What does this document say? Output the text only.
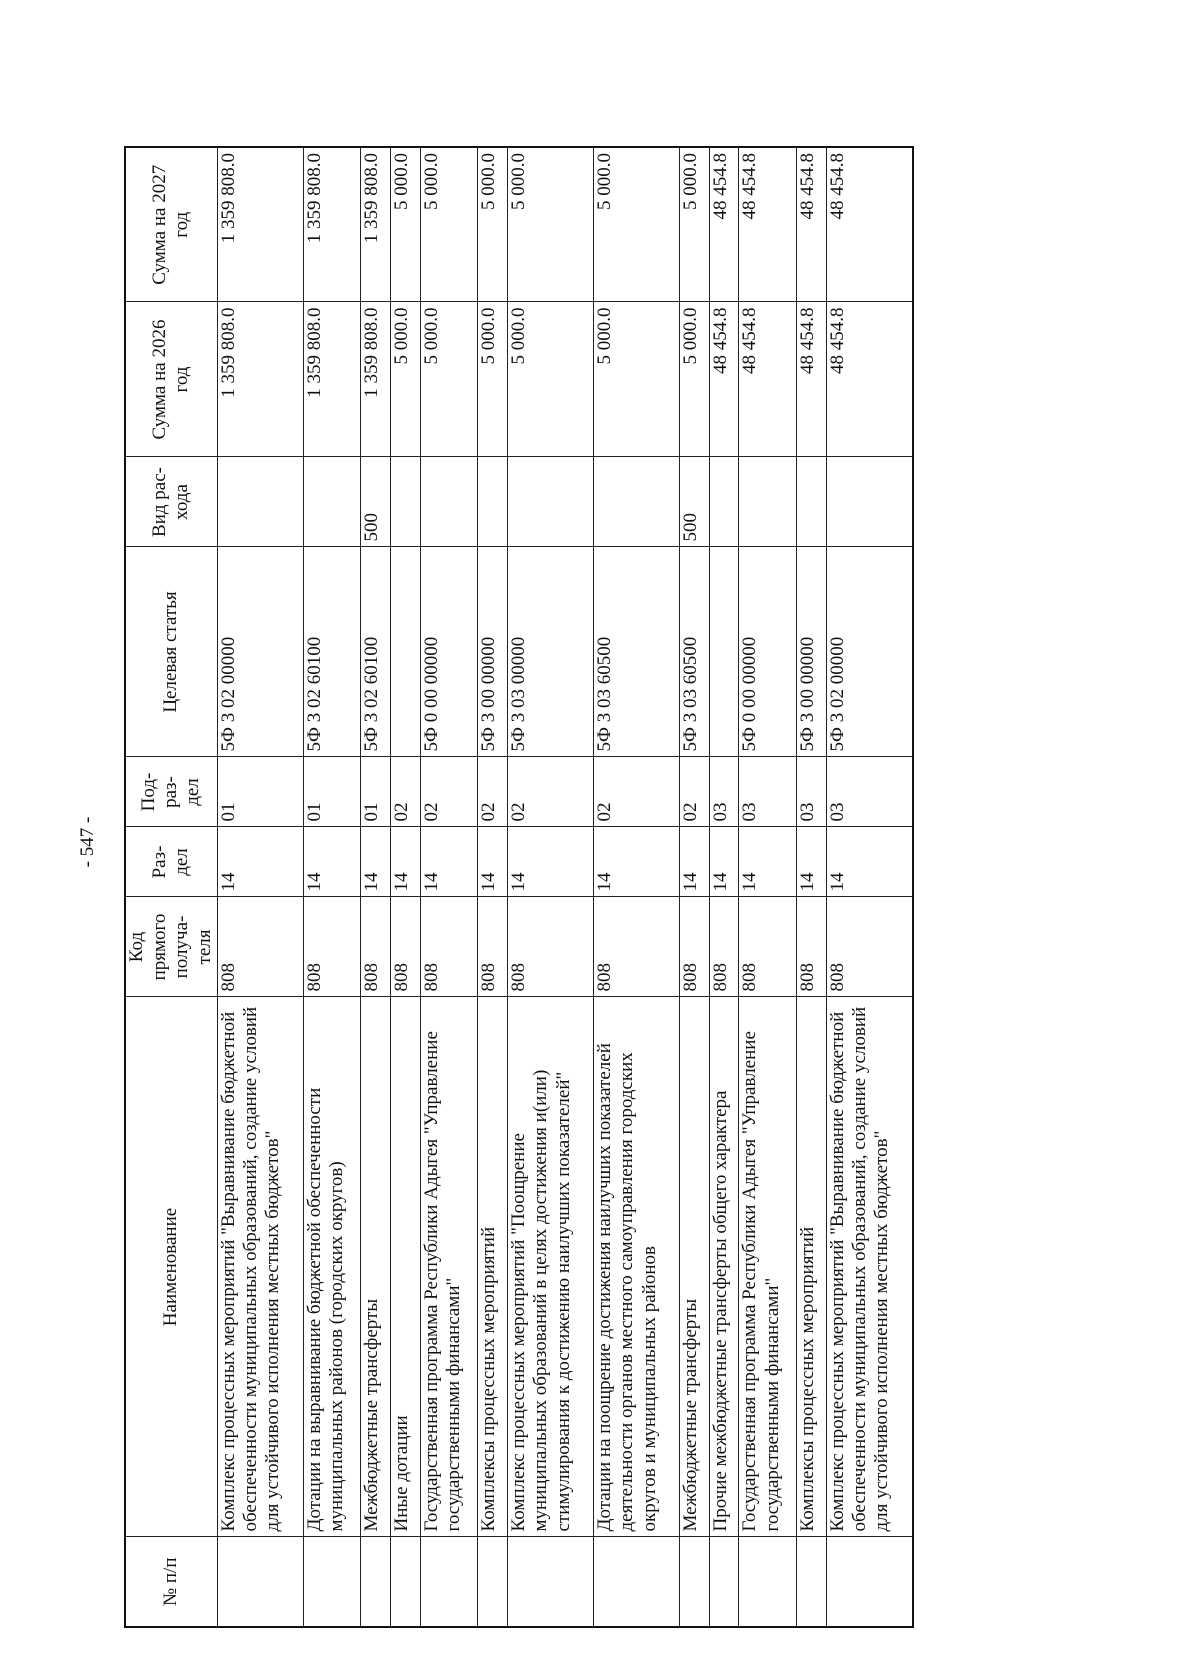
- 547 -
№ п/п	Наименование	Код прямого получа-теля	Раз-дел	Под-раз-дел	Целевая статья	Вид рас-хода	Сумма на 2026 год	Сумма на 2027 год
	Комплекс процессных мероприятий "Выравнивание бюджетной обеспеченности муниципальных образований, создание условий для устойчивого исполнения местных бюджетов"	808	14	01	5Ф 3 02 00000		1 359 808.0	1 359 808.0
	Дотации на выравнивание бюджетной обеспеченности муниципальных районов (городских округов)	808	14	01	5Ф 3 02 60100		1 359 808.0	1 359 808.0
	Межбюджетные трансферты	808	14	01	5Ф 3 02 60100	500	1 359 808.0	1 359 808.0
	Иные дотации	808	14	02			5 000.0	5 000.0
	Государственная программа Республики Адыгея "Управление государственными финансами"	808	14	02	5Ф 0 00 00000		5 000.0	5 000.0
	Комплексы процессных мероприятий	808	14	02	5Ф 3 00 00000		5 000.0	5 000.0
	Комплекс процессных мероприятий "Поощрение муниципальных образований в целях достижения и(или) стимулирования к достижению наилучших показателей"	808	14	02	5Ф 3 03 00000		5 000.0	5 000.0
	Дотации на поощрение достижения наилучших показателей деятельности органов местного самоуправления городских округов и муниципальных районов	808	14	02	5Ф 3 03 60500		5 000.0	5 000.0
	Межбюджетные трансферты	808	14	02	5Ф 3 03 60500	500	5 000.0	5 000.0
	Прочие межбюджетные трансферты общего характера	808	14	03			48 454.8	48 454.8
	Государственная программа Республики Адыгея "Управление государственными финансами"	808	14	03	5Ф 0 00 00000		48 454.8	48 454.8
	Комплексы процессных мероприятий	808	14	03	5Ф 3 00 00000		48 454.8	48 454.8
	Комплекс процессных мероприятий "Выравнивание бюджетной обеспеченности муниципальных образований, создание условий для устойчивого исполнения местных бюджетов"	808	14	03	5Ф 3 02 00000		48 454.8	48 454.8
